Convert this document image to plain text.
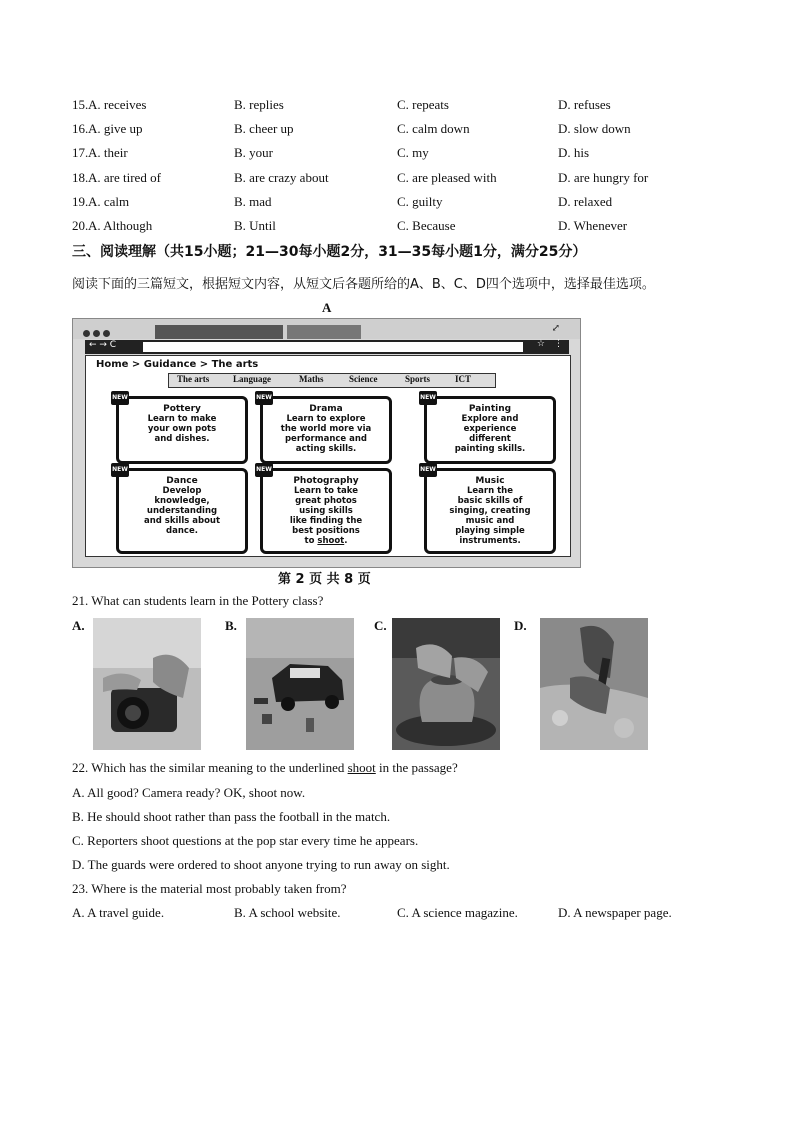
15. A. receives	B. replies	C. repeats	D. refuses
16. A. give up	B. cheer up	C. calm down	D. slow down
17. A. their	B. your	C. my	D. his
18. A. are tired of	B. are crazy about	C. are pleased with	D. are hungry for
19. A. calm	B. mad	C. guilty	D. relaxed
20. A. Although	B. Until	C. Because	D. Whenever
三、阅读理解（共15小题；21—30每小题2分，31—35每小题1分，满分25分）
阅读下面的三篇短文，根据短文内容，从短文后各题所给的A、B、C、D四个选项中，选择最佳选项。
A
⤢
← → C	☆ ⋮
Home > Guidance > The arts
The arts	Language	Maths	Science	Sports	ICT
NEW
Pottery
Learn to make
your own pots
and dishes.
NEW
Drama
Learn to explore
the world more via
performance and
acting skills.
NEW
Painting
Explore and
experience
different
painting skills.
NEW
Dance
Develop
knowledge,
understanding
and skills about
dance.
NEW
Photography
Learn to take
great photos
using skills
like finding the
best positions
to shoot.
NEW
Music
Learn the
basic skills of
singing, creating
music and
playing simple
instruments.
第 2 页 共 8 页
21. What can students learn in the Pottery class?
A.	B.	C.	D.
22. Which has the similar meaning to the underlined shoot in the passage?
A. All good? Camera ready? OK, shoot now.
B. He should shoot rather than pass the football in the match.
C. Reporters shoot questions at the pop star every time he appears.
D. The guards were ordered to shoot anyone trying to run away on sight.
23. Where is the material most probably taken from?
A. A travel guide.	B. A school website.	C. A science magazine.	D. A newspaper page.
